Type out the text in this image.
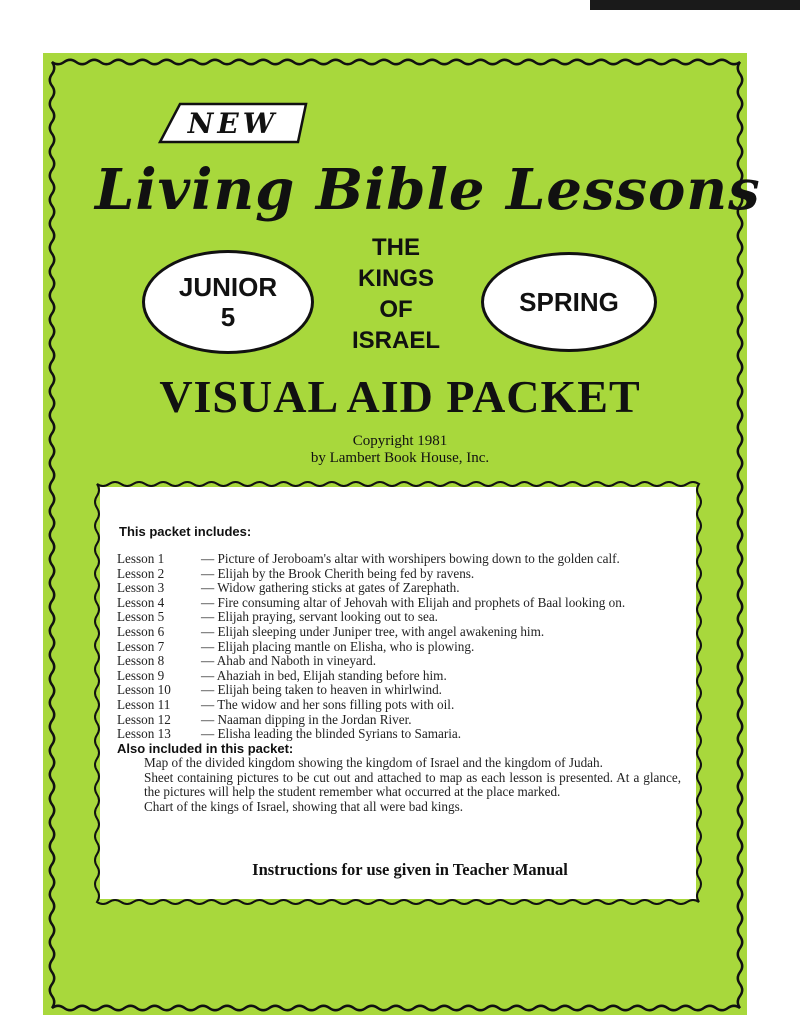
NEW
Living Bible Lessons
JUNIOR
5
THE
KINGS
OF
ISRAEL
SPRING
VISUAL AID PACKET
Copyright 1981
by Lambert Book House, Inc.
This packet includes:
Lesson 1	— Picture of Jeroboam's altar with worshipers bowing down to the golden calf.
Lesson 2	— Elijah by the Brook Cherith being fed by ravens.
Lesson 3	— Widow gathering sticks at gates of Zarephath.
Lesson 4	— Fire consuming altar of Jehovah with Elijah and prophets of Baal looking on.
Lesson 5	— Elijah praying, servant looking out to sea.
Lesson 6	— Elijah sleeping under Juniper tree, with angel awakening him.
Lesson 7	— Elijah placing mantle on Elisha, who is plowing.
Lesson 8	— Ahab and Naboth in vineyard.
Lesson 9	— Ahaziah in bed, Elijah standing before him.
Lesson 10	— Elijah being taken to heaven in whirlwind.
Lesson 11	— The widow and her sons filling pots with oil.
Lesson 12	— Naaman dipping in the Jordan River.
Lesson 13	— Elisha leading the blinded Syrians to Samaria.
Also included in this packet:
Map of the divided kingdom showing the kingdom of Israel and the kingdom of Judah.
Sheet containing pictures to be cut out and attached to map as each lesson is presented. At a glance, the pictures will help the student remember what occurred at the place marked.
Chart of the kings of Israel, showing that all were bad kings.
Instructions for use given in Teacher Manual
